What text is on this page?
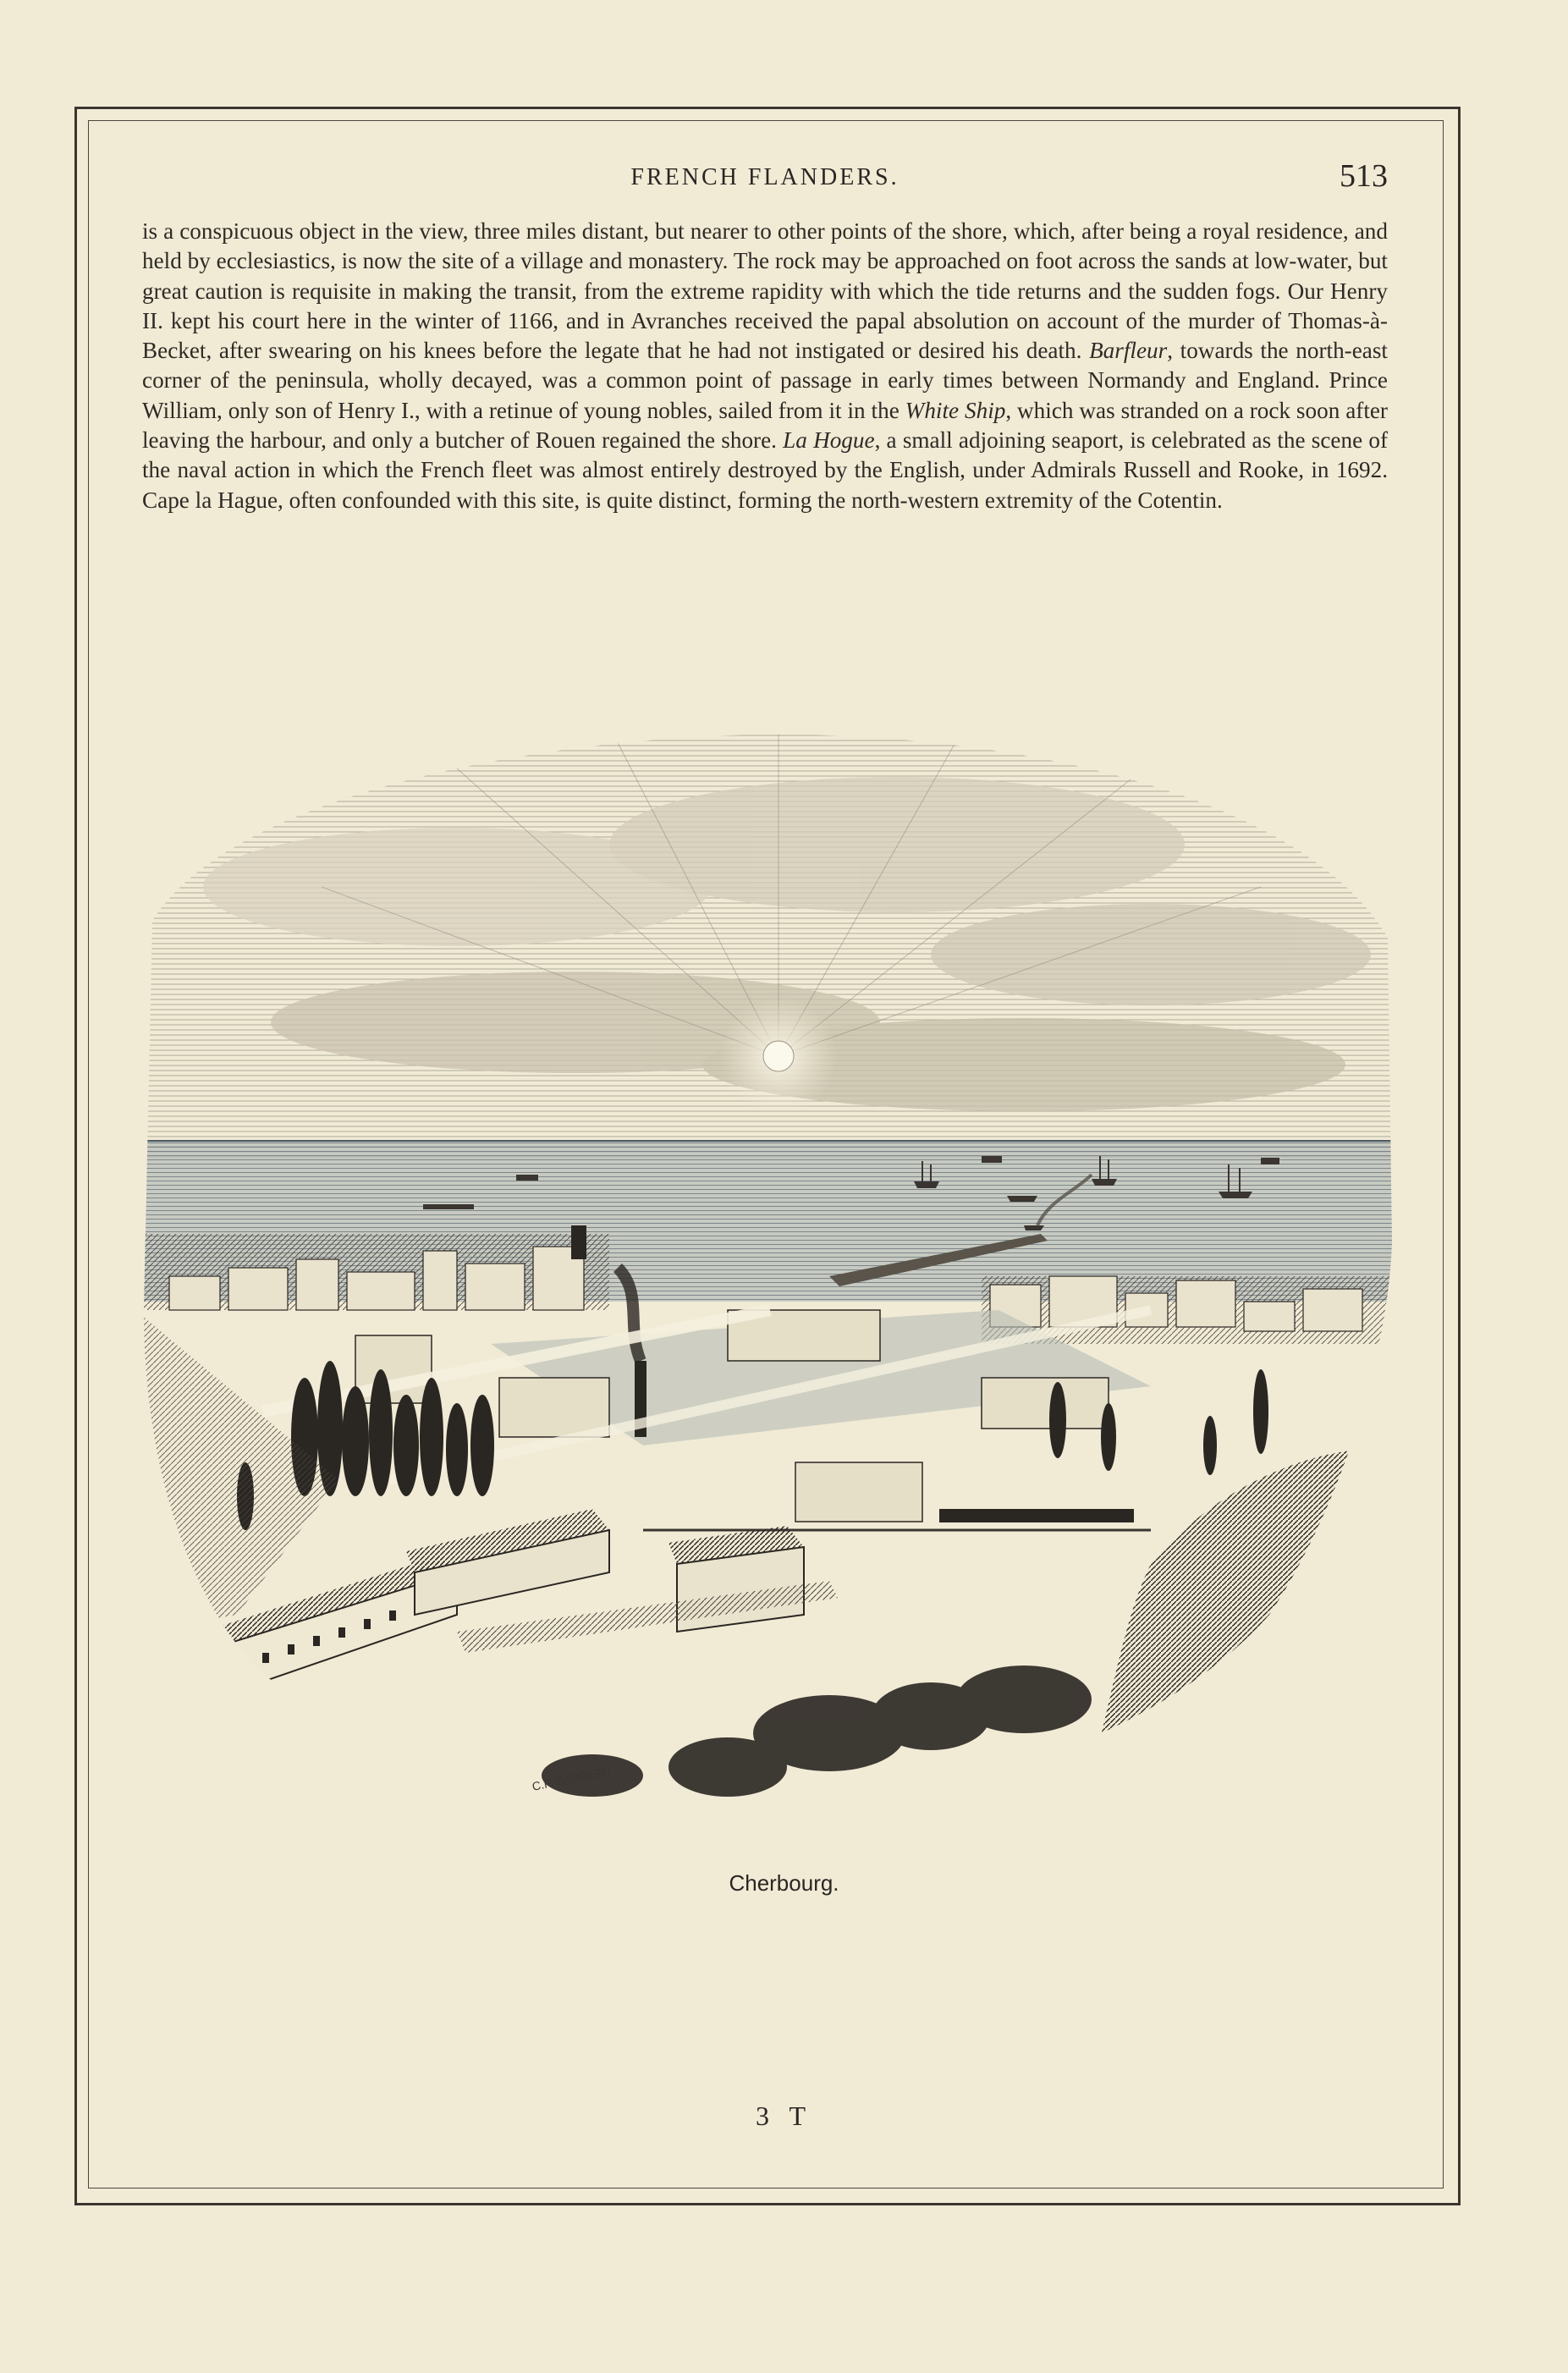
FRENCH FLANDERS.	513
is a conspicuous object in the view, three miles distant, but nearer to other points of the shore, which, after being a royal residence, and held by ecclesiastics, is now the site of a village and monastery. The rock may be approached on foot across the sands at low-water, but great caution is requisite in making the transit, from the extreme rapidity with which the tide returns and the sudden fogs. Our Henry II. kept his court here in the winter of 1166, and in Avranches received the papal absolution on account of the murder of Thomas-à-Becket, after swearing on his knees before the legate that he had not instigated or desired his death. Barfleur, towards the north-east corner of the peninsula, wholly decayed, was a common point of passage in early times between Normandy and England. Prince William, only son of Henry I., with a retinue of young nobles, sailed from it in the White Ship, which was stranded on a rock soon after leaving the harbour, and only a butcher of Rouen regained the shore. La Hogue, a small adjoining seaport, is celebrated as the scene of the naval action in which the French fleet was almost entirely destroyed by the English, under Admirals Russell and Rooke, in 1692. Cape la Hague, often confounded with this site, is quite distinct, forming the north-western extremity of the Cotentin.
C.F. SARGENT
Cherbourg.
3 T
